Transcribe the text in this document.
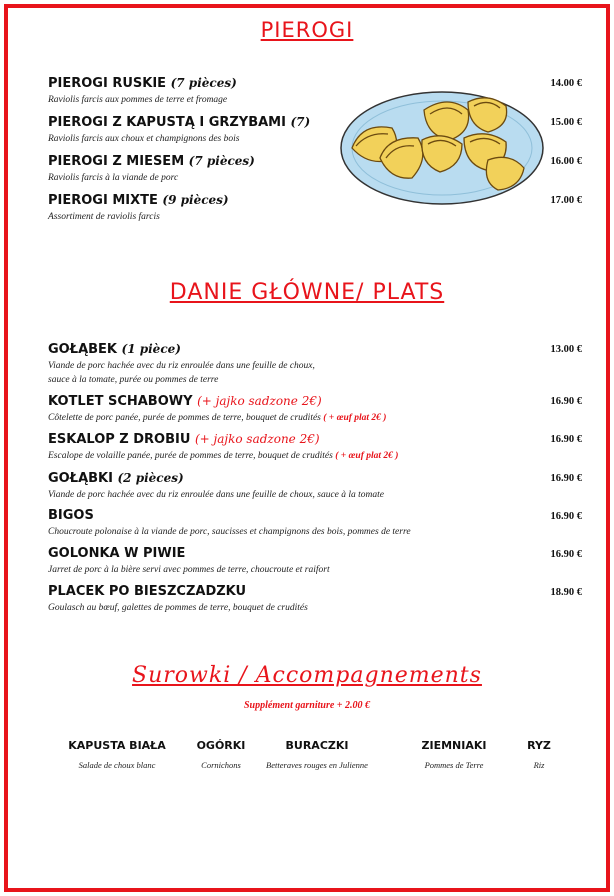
PIEROGI
PIEROGI RUSKIE (7 pièces)
Raviolis farcis aux pommes de terre et fromage
14.00 €
PIEROGI Z KAPUSTĄ I GRZYBAMI (7)
Raviolis farcis aux choux et champignons des bois
15.00 €
PIEROGI Z MIESEM (7 pièces)
Raviolis farcis à la viande de porc
16.00 €
PIEROGI MIXTE (9 pièces)
Assortiment de raviolis farcis
17.00 €
DANIE GŁÓWNE/ PLATS
GOŁĄBEK (1 pièce)
Viande de porc hachée avec du riz enroulée dans une feuille de choux,
sauce à la tomate, purée ou pommes de terre
13.00 €
KOTLET SCHABOWY (+ jajko sadzone 2€)
Côtelette de porc panée, purée de pommes de terre, bouquet de crudités ( + œuf plat 2€ )
16.90 €
ESKALOP Z DROBIU (+ jajko sadzone 2€)
Escalope de volaille panée, purée de pommes de terre, bouquet de crudités ( + œuf plat 2€ )
16.90 €
GOŁĄBKI (2 pièces)
Viande de porc hachée avec du riz enroulée dans une feuille de choux, sauce à la tomate
16.90 €
BIGOS
Choucroute polonaise à la viande de porc, saucisses et champignons des bois, pommes de terre
16.90 €
GOLONKA W PIWIE
Jarret de porc à la bière servi avec pommes de terre, choucroute et raifort
16.90 €
PLACEK PO BIESZCZADZKU
Goulasch au bœuf, galettes de pommes de terre, bouquet de crudités
18.90 €
Surowki / Accompagnements
Supplément garniture + 2.00 €
KAPUSTA BIAŁA
Salade de choux blanc
OGÓRKI
Cornichons
BURACZKI
Betteraves rouges en Julienne
ZIEMNIAKI
Pommes de Terre
RYZ
Riz
